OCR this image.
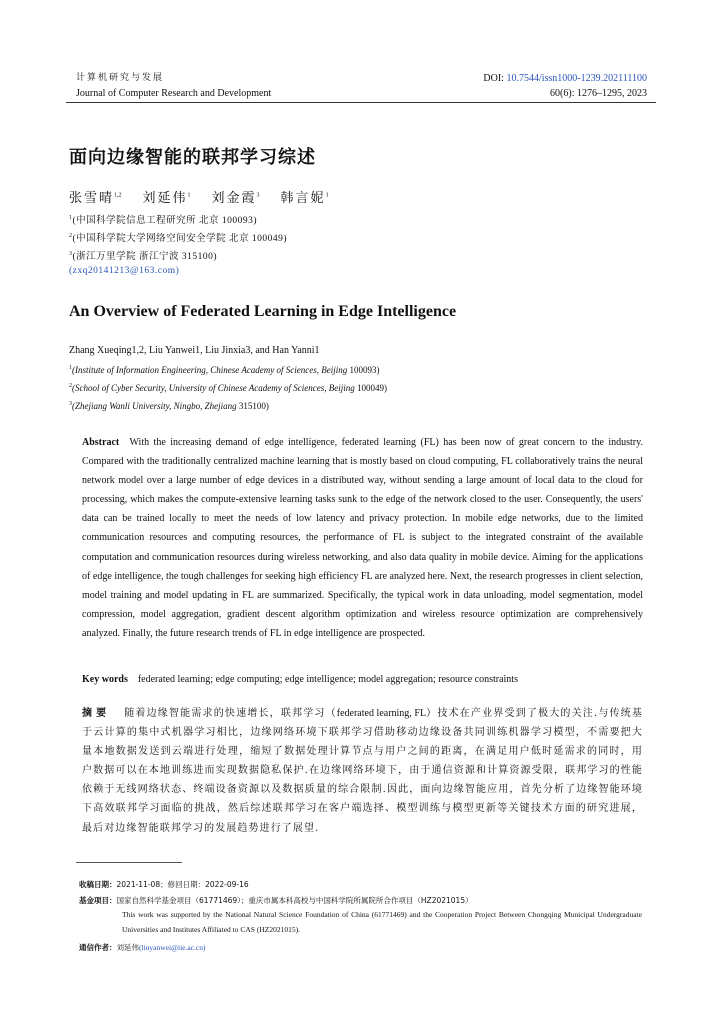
计算机研究与发展
Journal of Computer Research and Development
DOI: 10.7544/issn1000-1239.202111100
60(6): 1276–1295, 2023
面向边缘智能的联邦学习综述
张雪晴$^{1,2}$ 刘延伟$^1$ 刘金霞$^3$ 韩言妮$^1$
$^1$(中国科学院信息工程研究所 北京 100093)
$^2$(中国科学院大学网络空间安全学院 北京 100049)
$^3$(浙江万里学院 浙江宁波 315100)
(zxq20141213@163.com)
An Overview of Federated Learning in Edge Intelligence
Zhang Xueqing1,2, Liu Yanwei1, Liu Jinxia3, and Han Yanni1
$^1$(Institute of Information Engineering, Chinese Academy of Sciences, Beijing 100093)
$^2$(School of Cyber Security, University of Chinese Academy of Sciences, Beijing 100049)
$^3$(Zhejiang Wanli University, Ningbo, Zhejiang 315100)
Abstract With the increasing demand of edge intelligence, federated learning (FL) has been now of great concern to the industry. Compared with the traditionally centralized machine learning that is mostly based on cloud computing, FL collaboratively trains the neural network model over a large number of edge devices in a distributed way, without sending a large amount of local data to the cloud for processing, which makes the compute-extensive learning tasks sunk to the edge of the network closed to the user. Consequently, the users' data can be trained locally to meet the needs of low latency and privacy protection. In mobile edge networks, due to the limited communication resources and computing resources, the performance of FL is subject to the integrated constraint of the available computation and communication resources during wireless networking, and also data quality in mobile device. Aiming for the applications of edge intelligence, the tough challenges for seeking high efficiency FL are analyzed here. Next, the research progresses in client selection, model training and model updating in FL are summarized. Specifically, the typical work in data unloading, model segmentation, model compression, model aggregation, gradient descent algorithm optimization and wireless resource optimization are comprehensively analyzed. Finally, the future research trends of FL in edge intelligence are prospected.
Key words federated learning; edge computing; edge intelligence; model aggregation; resource constraints
摘要 随着边缘智能需求的快速增长，联邦学习（federated learning, FL）技术在产业界受到了极大的关注.与传统基于云计算的集中式机器学习相比，边缘网络环境下联邦学习借助移动边缘设备共同训练机器学习模型，不需要把大量本地数据发送到云端进行处理，缩短了数据处理计算节点与用户之间的距离，在满足用户低时延需求的同时，用户数据可以在本地训练进而实现数据隐私保护.在边缘网络环境下，由于通信资源和计算资源受限，联邦学习的性能依赖于无线网络状态、终端设备资源以及数据质量的综合限制.因此，面向边缘智能应用，首先分析了边缘智能环境下高效联邦学习面临的挑战，然后综述联邦学习在客户端选择、模型训练与模型更新等关键技术方面的研究进展，最后对边缘智能联邦学习的发展趋势进行了展望.
收稿日期：2021-11-08；修回日期：2022-09-16
基金项目：国家自然科学基金项目（61771469）；重庆市属本科高校与中国科学院所属院所合作项目（HZ2021015）
This work was supported by the National Natural Science Foundation of China (61771469) and the Cooperation Project Between Chongqing Municipal Undergraduate Universities and Institutes Affiliated to CAS (HZ2021015).
通信作者：刘延伟(liuyanwei@iie.ac.cn)
